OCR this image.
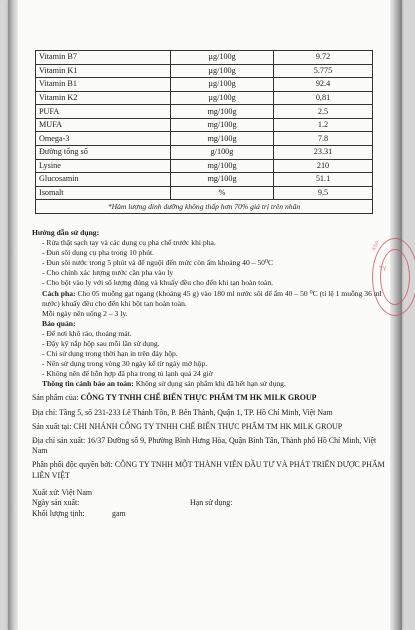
Vitamin B7	µg/100g	9.72
Vitamin K1	µg/100g	5.775
Vitamin B1	µg/100g	92.4
Vitamin K2	µg/100g	0,81
PUFA	mg/100g	2.5
MUFA	mg/100g	1.2
Omega-3	mg/100g	7.8
Đường tổng số	g/100g	23.31
Lysine	mg/100g	210
Glucosamin	mg/100g	51.1
Isomalt	%	9.5
*Hàm lượng dinh dưỡng không thấp hơn 70% giá trị trên nhãn		
Hướng dẫn sử dụng:
- Rửa thật sạch tay và các dụng cụ pha chế trước khi pha.
- Đun sôi dụng cụ pha trong 10 phút.
- Đun sôi nước trong 5 phút và để nguội đến mức còn ấm khoảng 40 – 50⁰C
- Cho chính xác lượng nước cần pha vào ly
- Cho bột vào ly với số lượng đúng và khuấy đều cho đến khi tan hoàn toàn.
Cách pha: Cho 05 muỗng gạt ngang (khoảng 45 g) vào 180 ml nước sôi để ấm 40 – 50 ⁰C (tỉ lệ 1 muỗng 36 ml nước) khuấy đều cho đến khi bột tan hoàn toàn.
Mỗi ngày nên uống 2 – 3 ly.
Bảo quản:
- Để nơi khô ráo, thoáng mát.
- Đậy kỹ nắp hộp sau mỗi lần sử dụng.
- Chỉ sử dụng trong thời hạn in trên đáy hộp.
- Nên sử dụng trong vòng 30 ngày kể từ ngày mở hộp.
- Không nên để hỗn hợp đã pha trong tủ lạnh quá 24 giờ
Thông tin cảnh báo an toàn: Không sử dụng sản phẩm khi đã hết hạn sử dụng.

Sản phẩm của: CÔNG TY TNHH CHẾ BIẾN THỰC PHẨM TM HK MILK GROUP

Địa chỉ: Tầng 5, số 231-233 Lê Thánh Tôn, P. Bến Thành, Quận 1, TP. Hồ Chí Minh, Việt Nam

Sản xuất tại: CHI NHÁNH CÔNG TY TNHH CHẾ BIẾN THỰC PHẨM TM HK MILK GROUP

Địa chỉ sản xuất: 16/37 Đường số 9, Phường Bình Hưng Hòa, Quận Bình Tân, Thành phố Hồ Chí Minh, Việt Nam

Phân phối độc quyền bởi: CÔNG TY TNHH MỘT THÀNH VIÊN ĐẦU TƯ VÀ PHÁT TRIỂN DƯỢC PHẨM LIÊN VIỆT

Xuất xứ: Việt Nam
Ngày sản xuất:	Hạn sử dụng:
Khối lượng tịnh:	gam
KSP
TY
